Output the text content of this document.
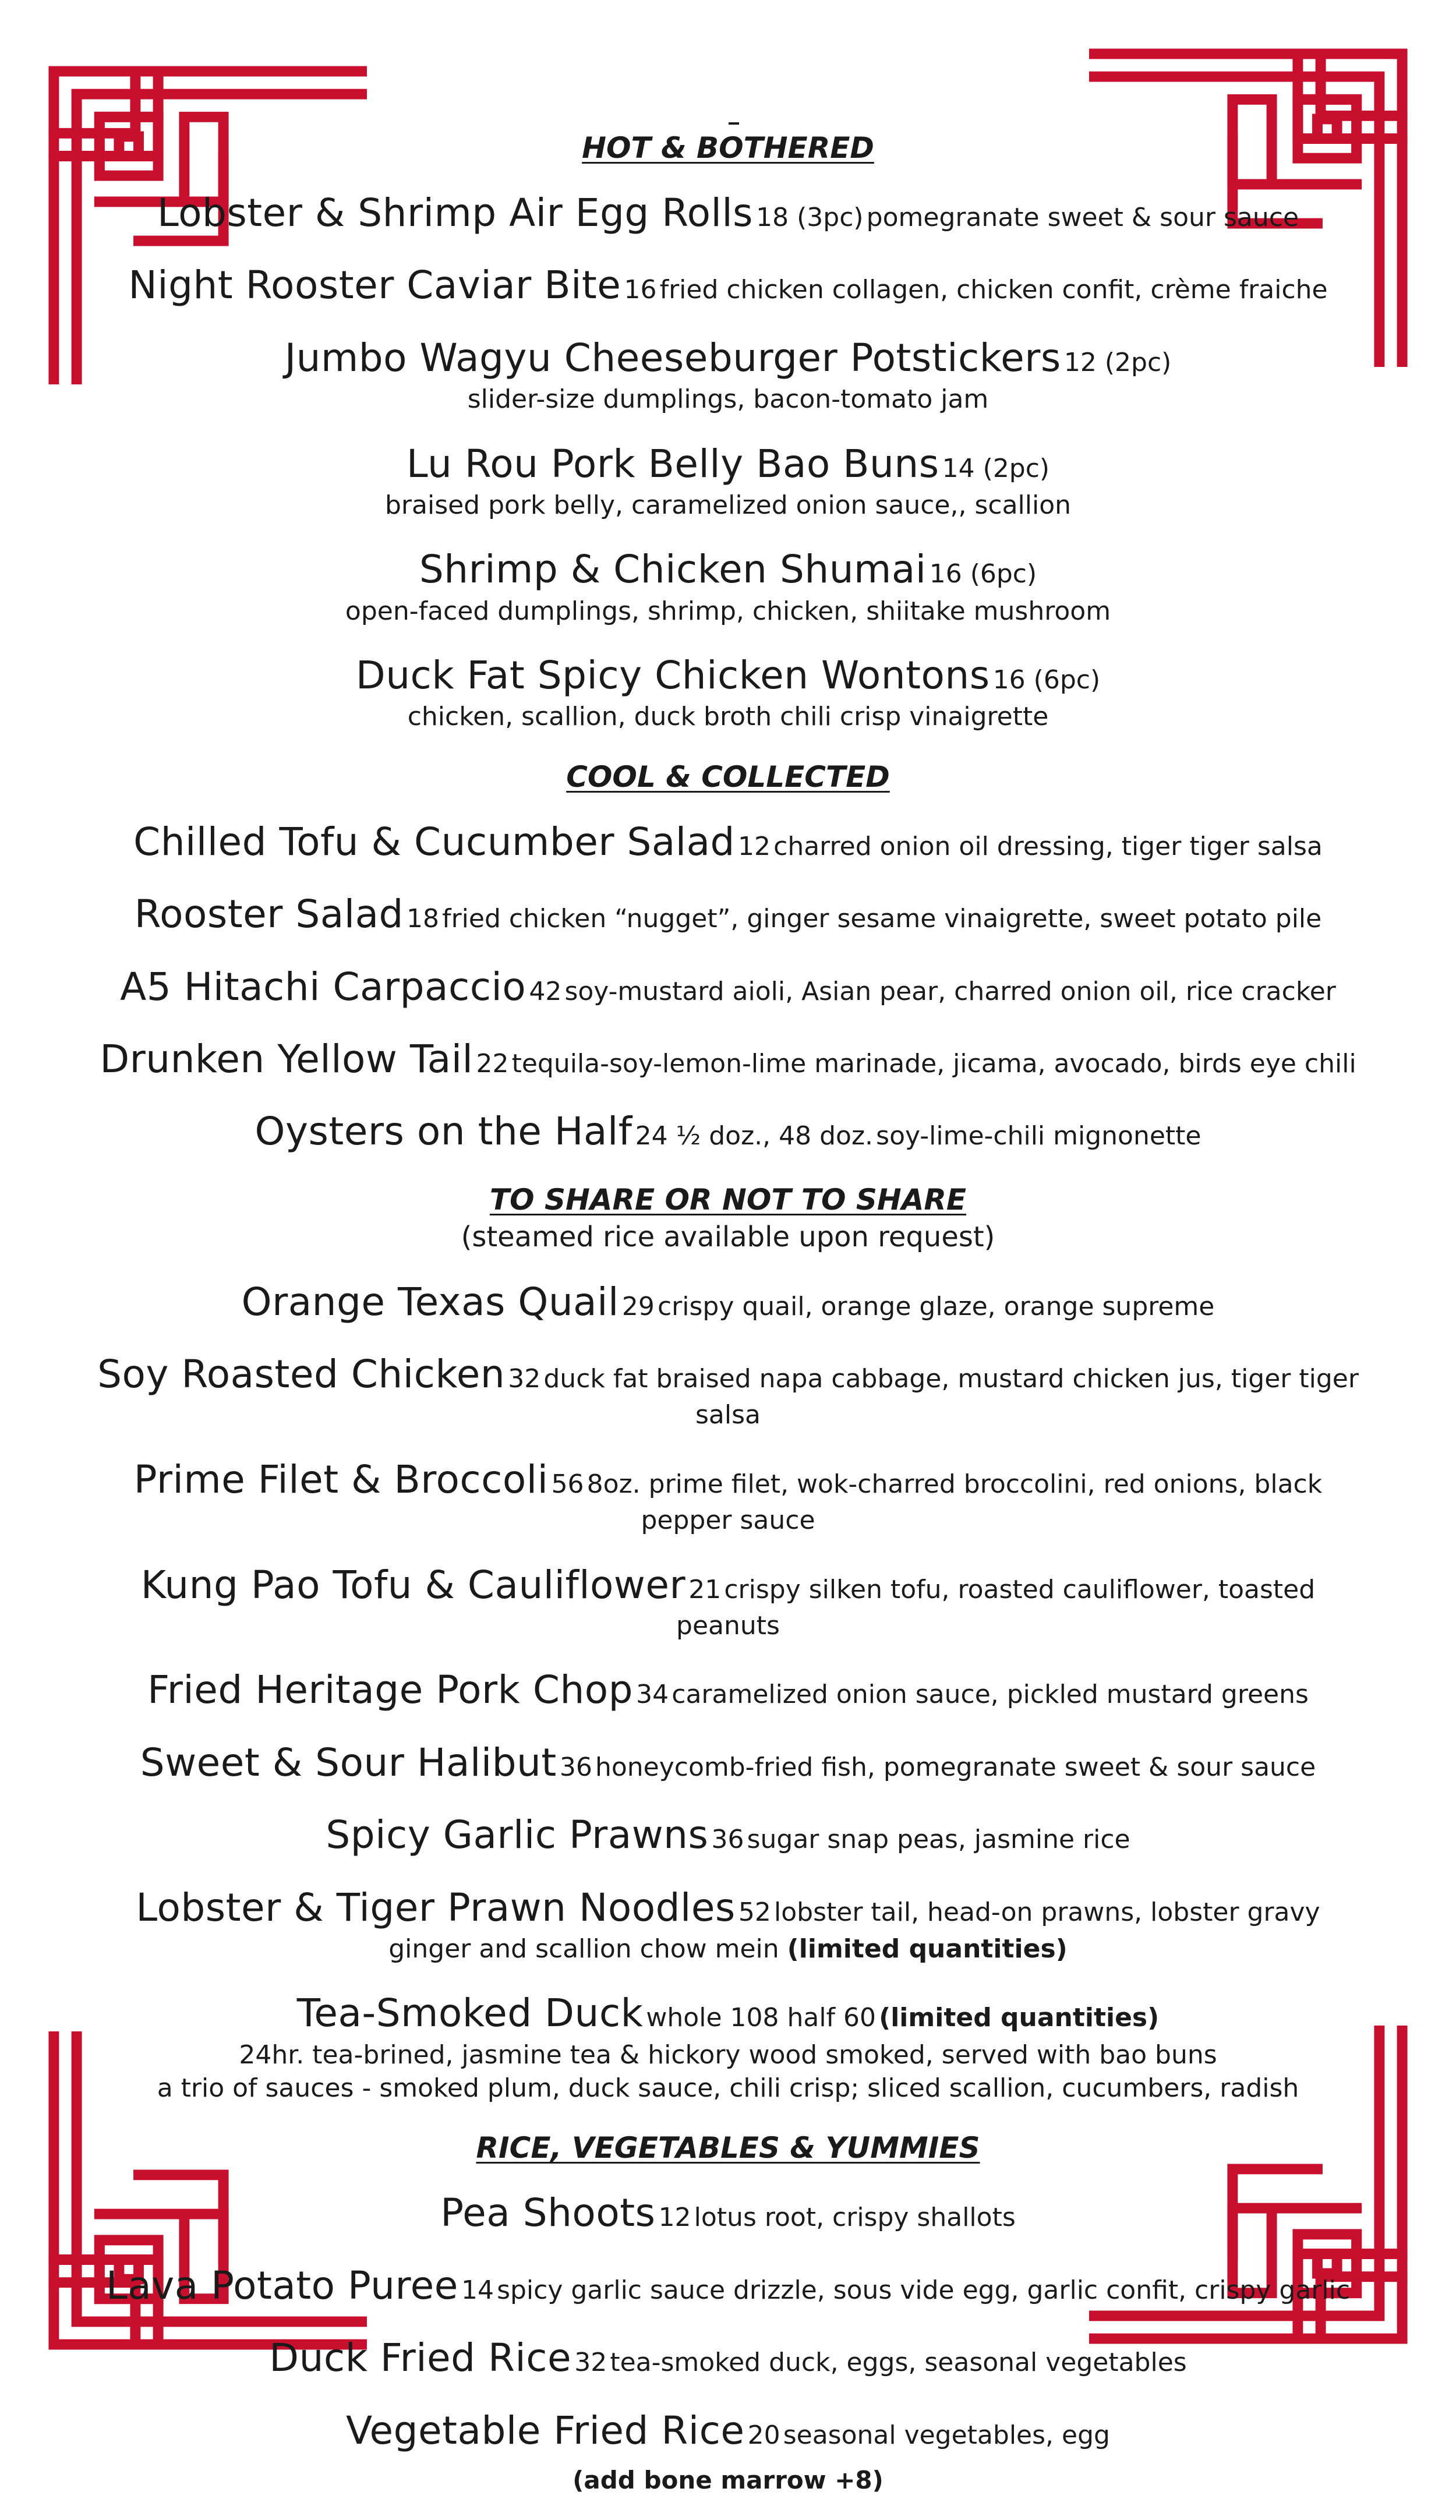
HOT & BOTHERED
Lobster & Shrimp Air Egg Rolls 18 (3pc) pomegranate sweet & sour sauce
Night Rooster Caviar Bite 16 fried chicken collagen, chicken confit, crème fraiche
Jumbo Wagyu Cheeseburger Potstickers 12 (2pc)
slider-size dumplings, bacon-tomato jam
Lu Rou Pork Belly Bao Buns 14 (2pc)
braised pork belly, caramelized onion sauce,, scallion
Shrimp & Chicken Shumai 16 (6pc)
open-faced dumplings, shrimp, chicken, shiitake mushroom
Duck Fat Spicy Chicken Wontons 16 (6pc)
chicken, scallion, duck broth chili crisp vinaigrette
COOL & COLLECTED
Chilled Tofu & Cucumber Salad 12 charred onion oil dressing, tiger tiger salsa
Rooster Salad 18 fried chicken “nugget”, ginger sesame vinaigrette, sweet potato pile
A5 Hitachi Carpaccio 42 soy-mustard aioli, Asian pear, charred onion oil, rice cracker
Drunken Yellow Tail 22 tequila-soy-lemon-lime marinade, jicama, avocado, birds eye chili
Oysters on the Half 24 ½ doz., 48 doz. soy-lime-chili mignonette
TO SHARE OR NOT TO SHARE

(steamed rice available upon request)

Orange Texas Quail 29 crispy quail, orange glaze, orange supreme
Soy Roasted Chicken 32 duck fat braised napa cabbage, mustard chicken jus, tiger tiger salsa
Prime Filet & Broccoli 56 8oz. prime filet, wok-charred broccolini, red onions, black pepper sauce
Kung Pao Tofu & Cauliflower 21 crispy silken tofu, roasted cauliflower, toasted peanuts
Fried Heritage Pork Chop 34 caramelized onion sauce, pickled mustard greens
Sweet & Sour Halibut 36 honeycomb-fried fish, pomegranate sweet & sour sauce
Spicy Garlic Prawns 36 sugar snap peas, jasmine rice
Lobster & Tiger Prawn Noodles 52 lobster tail, head-on prawns, lobster gravy
ginger and scallion chow mein (limited quantities)
Tea-Smoked Duck whole 108 half 60 (limited quantities)
24hr. tea-brined, jasmine tea & hickory wood smoked, served with bao buns
a trio of sauces - smoked plum, duck sauce, chili crisp; sliced scallion, cucumbers, radish
RICE, VEGETABLES & YUMMIES
Pea Shoots 12 lotus root, crispy shallots
Lava Potato Puree 14 spicy garlic sauce drizzle, sous vide egg, garlic confit, crispy garlic
Duck Fried Rice 32 tea-smoked duck, eggs, seasonal vegetables
Vegetable Fried Rice 20 seasonal vegetables, egg
(add bone marrow +8)
